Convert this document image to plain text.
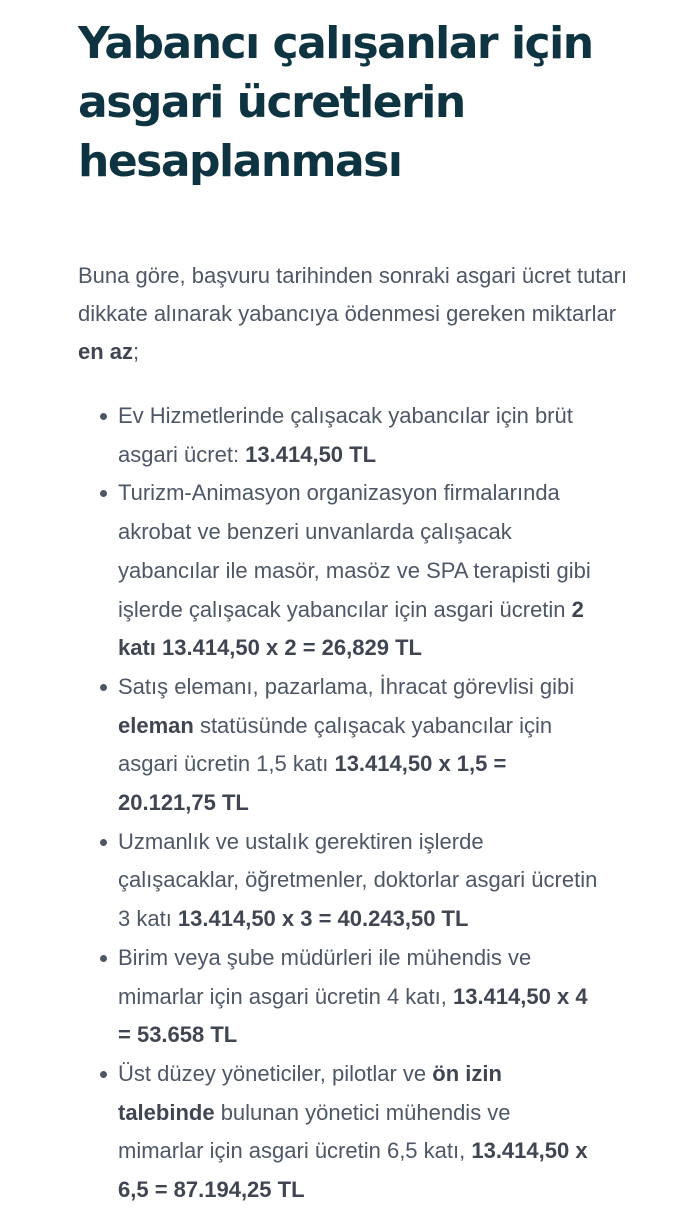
Yabancı çalışanlar için asgari ücretlerin hesaplanması

Buna göre, başvuru tarihinden sonraki asgari ücret tutarı dikkate alınarak yabancıya ödenmesi gereken miktarlar en az;

Ev Hizmetlerinde çalışacak yabancılar için brüt asgari ücret: 13.414,50 TL
Turizm-Animasyon organizasyon firmalarında akrobat ve benzeri unvanlarda çalışacak yabancılar ile masör, masöz ve SPA terapisti gibi işlerde çalışacak yabancılar için asgari ücretin 2 katı 13.414,50 x 2 = 26,829 TL
Satış elemanı, pazarlama, İhracat görevlisi gibi eleman statüsünde çalışacak yabancılar için asgari ücretin 1,5 katı 13.414,50 x 1,5 = 20.121,75 TL
Uzmanlık ve ustalık gerektiren işlerde çalışacaklar, öğretmenler, doktorlar asgari ücretin 3 katı 13.414,50 x 3 = 40.243,50 TL
Birim veya şube müdürleri ile mühendis ve mimarlar için asgari ücretin 4 katı, 13.414,50 x 4 = 53.658 TL
Üst düzey yöneticiler, pilotlar ve ön izin talebinde bulunan yönetici mühendis ve mimarlar için asgari ücretin 6,5 katı, 13.414,50 x 6,5 = 87.194,25 TL
